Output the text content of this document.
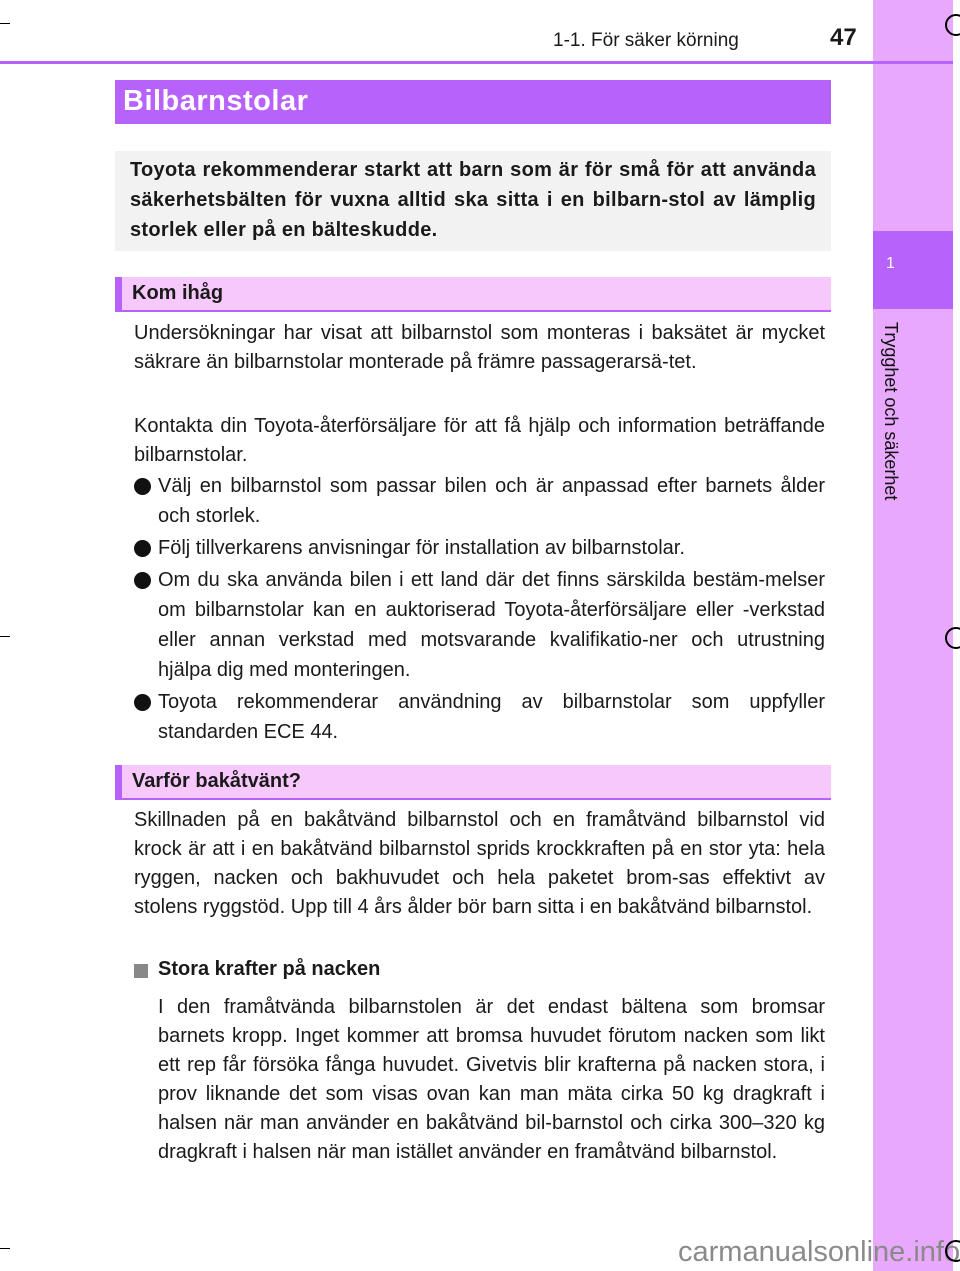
1
Trygghet och säkerhet
1-1. För säker körning	47
Bilbarnstolar

Toyota rekommenderar starkt att barn som är för små för att använda säkerhetsbälten för vuxna alltid ska sitta i en bilbarn-stol av lämplig storlek eller på en bälteskudde.

Kom ihåg

Undersökningar har visat att bilbarnstol som monteras i baksätet är mycket säkrare än bilbarnstolar monterade på främre passagerarsä-tet.

Kontakta din Toyota-återförsäljare för att få hjälp och information beträffande bilbarnstolar.

Välj en bilbarnstol som passar bilen och är anpassad efter barnets ålder och storlek.
Följ tillverkarens anvisningar för installation av bilbarnstolar.
Om du ska använda bilen i ett land där det finns särskilda bestäm-melser om bilbarnstolar kan en auktoriserad Toyota-återförsäljare eller -verkstad eller annan verkstad med motsvarande kvalifikatio-ner och utrustning hjälpa dig med monteringen.
Toyota rekommenderar användning av bilbarnstolar som uppfyller standarden ECE 44.
Varför bakåtvänt?

Skillnaden på en bakåtvänd bilbarnstol och en framåtvänd bilbarnstol vid krock är att i en bakåtvänd bilbarnstol sprids krockkraften på en stor yta: hela ryggen, nacken och bakhuvudet och hela paketet brom-sas effektivt av stolens ryggstöd. Upp till 4 års ålder bör barn sitta i en bakåtvänd bilbarnstol.

Stora krafter på nacken

I den framåtvända bilbarnstolen är det endast bältena som bromsar barnets kropp. Inget kommer att bromsa huvudet förutom nacken som likt ett rep får försöka fånga huvudet. Givetvis blir krafterna på nacken stora, i prov liknande det som visas ovan kan man mäta cirka 50 kg dragkraft i halsen när man använder en bakåtvänd bil-barnstol och cirka 300–320 kg dragkraft i halsen när man istället använder en framåtvänd bilbarnstol.

carmanualsonline.info
